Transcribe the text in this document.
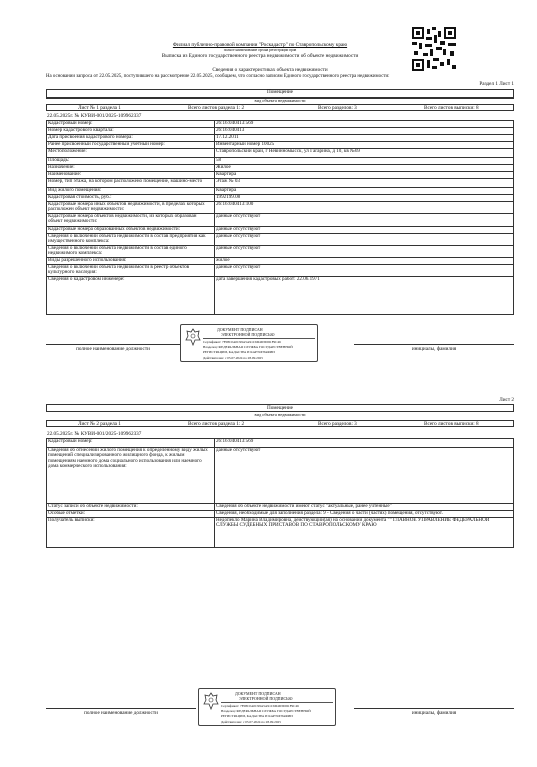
Филиал публично-правовой компании "Роскадастр" по Ставропольскому краю
полное наименование органа регистрации прав
Выписка из Единого государственного реестра недвижимости об объекте недвижимости
Сведения о характеристиках объекта недвижимости
На основании запроса от 22.05.2025, поступившего на рассмотрение 22.05.2025, сообщаем, что согласно записям Единого государственного реестра недвижимости:
Раздел 1 Лист 1
Помещение
вид объекта недвижимости
Лист № 1 раздела 1	Всего листов раздела 1: 2	Всего разделов: 3	Всего листов выписки: 8
22.05.2025г. № КУВИ-001/2025-109962337
Кадастровый номер:	26:16:040413:569
Номер кадастрового квартала:	26:16:040413
Дата присвоения кадастрового номера:	17.12.2011
Ранее присвоенный государственный учетный номер:	Инвентарный номер 10025
Местоположение:	Ставропольский край, г Невинномысск, ул Гагарина, д 10, кв №69
Площадь:	58
Назначение:	Жилое
Наименование:	Квартира
Номер, тип этажа, на котором расположено помещение, машино-место	Этаж № 03
Вид жилого помещения:	Квартира
Кадастровая стоимость, руб.:	1992199.08
Кадастровые номера иных объектов недвижимости, в пределах которых расположен объект недвижимости:
26:16:040413:100
Кадастровые номера объектов недвижимости, из которых образован объект недвижимости:
данные отсутствуют
Кадастровые номера образованных объектов недвижимости:	данные отсутствуют
Сведения о включении объекта недвижимости в состав предприятия как имущественного комплекса:
данные отсутствуют
Сведения о включении объекта недвижимости в состав единого недвижимого комплекса:
данные отсутствуют
Виды разрешенного использования:	жилое
Сведения о включении объекта недвижимости в реестр объектов культурного наследия:
данные отсутствуют
Сведения о кадастровом инженере:	дата завершения кадастровых работ: 22.06.1971
полное наименование должности	инициалы, фамилия
ДОКУМЕНТ ПОДПИСАН
ЭЛЕКТРОННОЙ ПОДПИСЬЮ
Сертификат: 7F08C0A0C99A5A91C6D4D3DD1F9C46
Владелец: ФЕДЕРАЛЬНАЯ СЛУЖБА ГОСУДАРСТВЕННОЙ
РЕГИСТРАЦИИ, КАДАСТРА И КАРТОГРАФИИ
Действителен: с 05.07.2024 по 28.09.2025
Лист 2
Помещение
вид объекта недвижимости
Лист № 2 раздела 1	Всего листов раздела 1: 2	Всего разделов: 3	Всего листов выписки: 8
22.05.2025г. № КУВИ-001/2025-109962337
Кадастровый номер:	26:16:040413:569
Сведения об отнесении жилого помещения к определенному виду жилых помещений специализированного жилищного фонда, к жилым помещениям наемного дома социального использования или наемного дома коммерческого использования:
данные отсутствуют
Статус записи об объекте недвижимости:	Сведения об объекте недвижимости имеют статус "актуальные, ранее учтенные"
Особые отметки:	Сведения, необходимые для заполнения раздела: 9 - Сведения о части (частях) помещения, отсутствуют.
Получатель выписки:	Недопекло Марина Владимировна, действующий(ая) на основании документа "" ГЛАВНОЕ УПРАВЛЕНИЕ ФЕДЕРАЛЬНОЙ СЛУЖБЫ СУДЕБНЫХ ПРИСТАВОВ ПО СТАВРОПОЛЬСКОМУ КРАЮ
полное наименование должности	инициалы, фамилия
ДОКУМЕНТ ПОДПИСАН
ЭЛЕКТРОННОЙ ПОДПИСЬЮ
Сертификат: 7F08C0A0C99A5A91C6D4D3DD1F9C46
Владелец: ФЕДЕРАЛЬНАЯ СЛУЖБА ГОСУДАРСТВЕННОЙ
РЕГИСТРАЦИИ, КАДАСТРА И КАРТОГРАФИИ
Действителен: с 05.07.2024 по 28.09.2025
